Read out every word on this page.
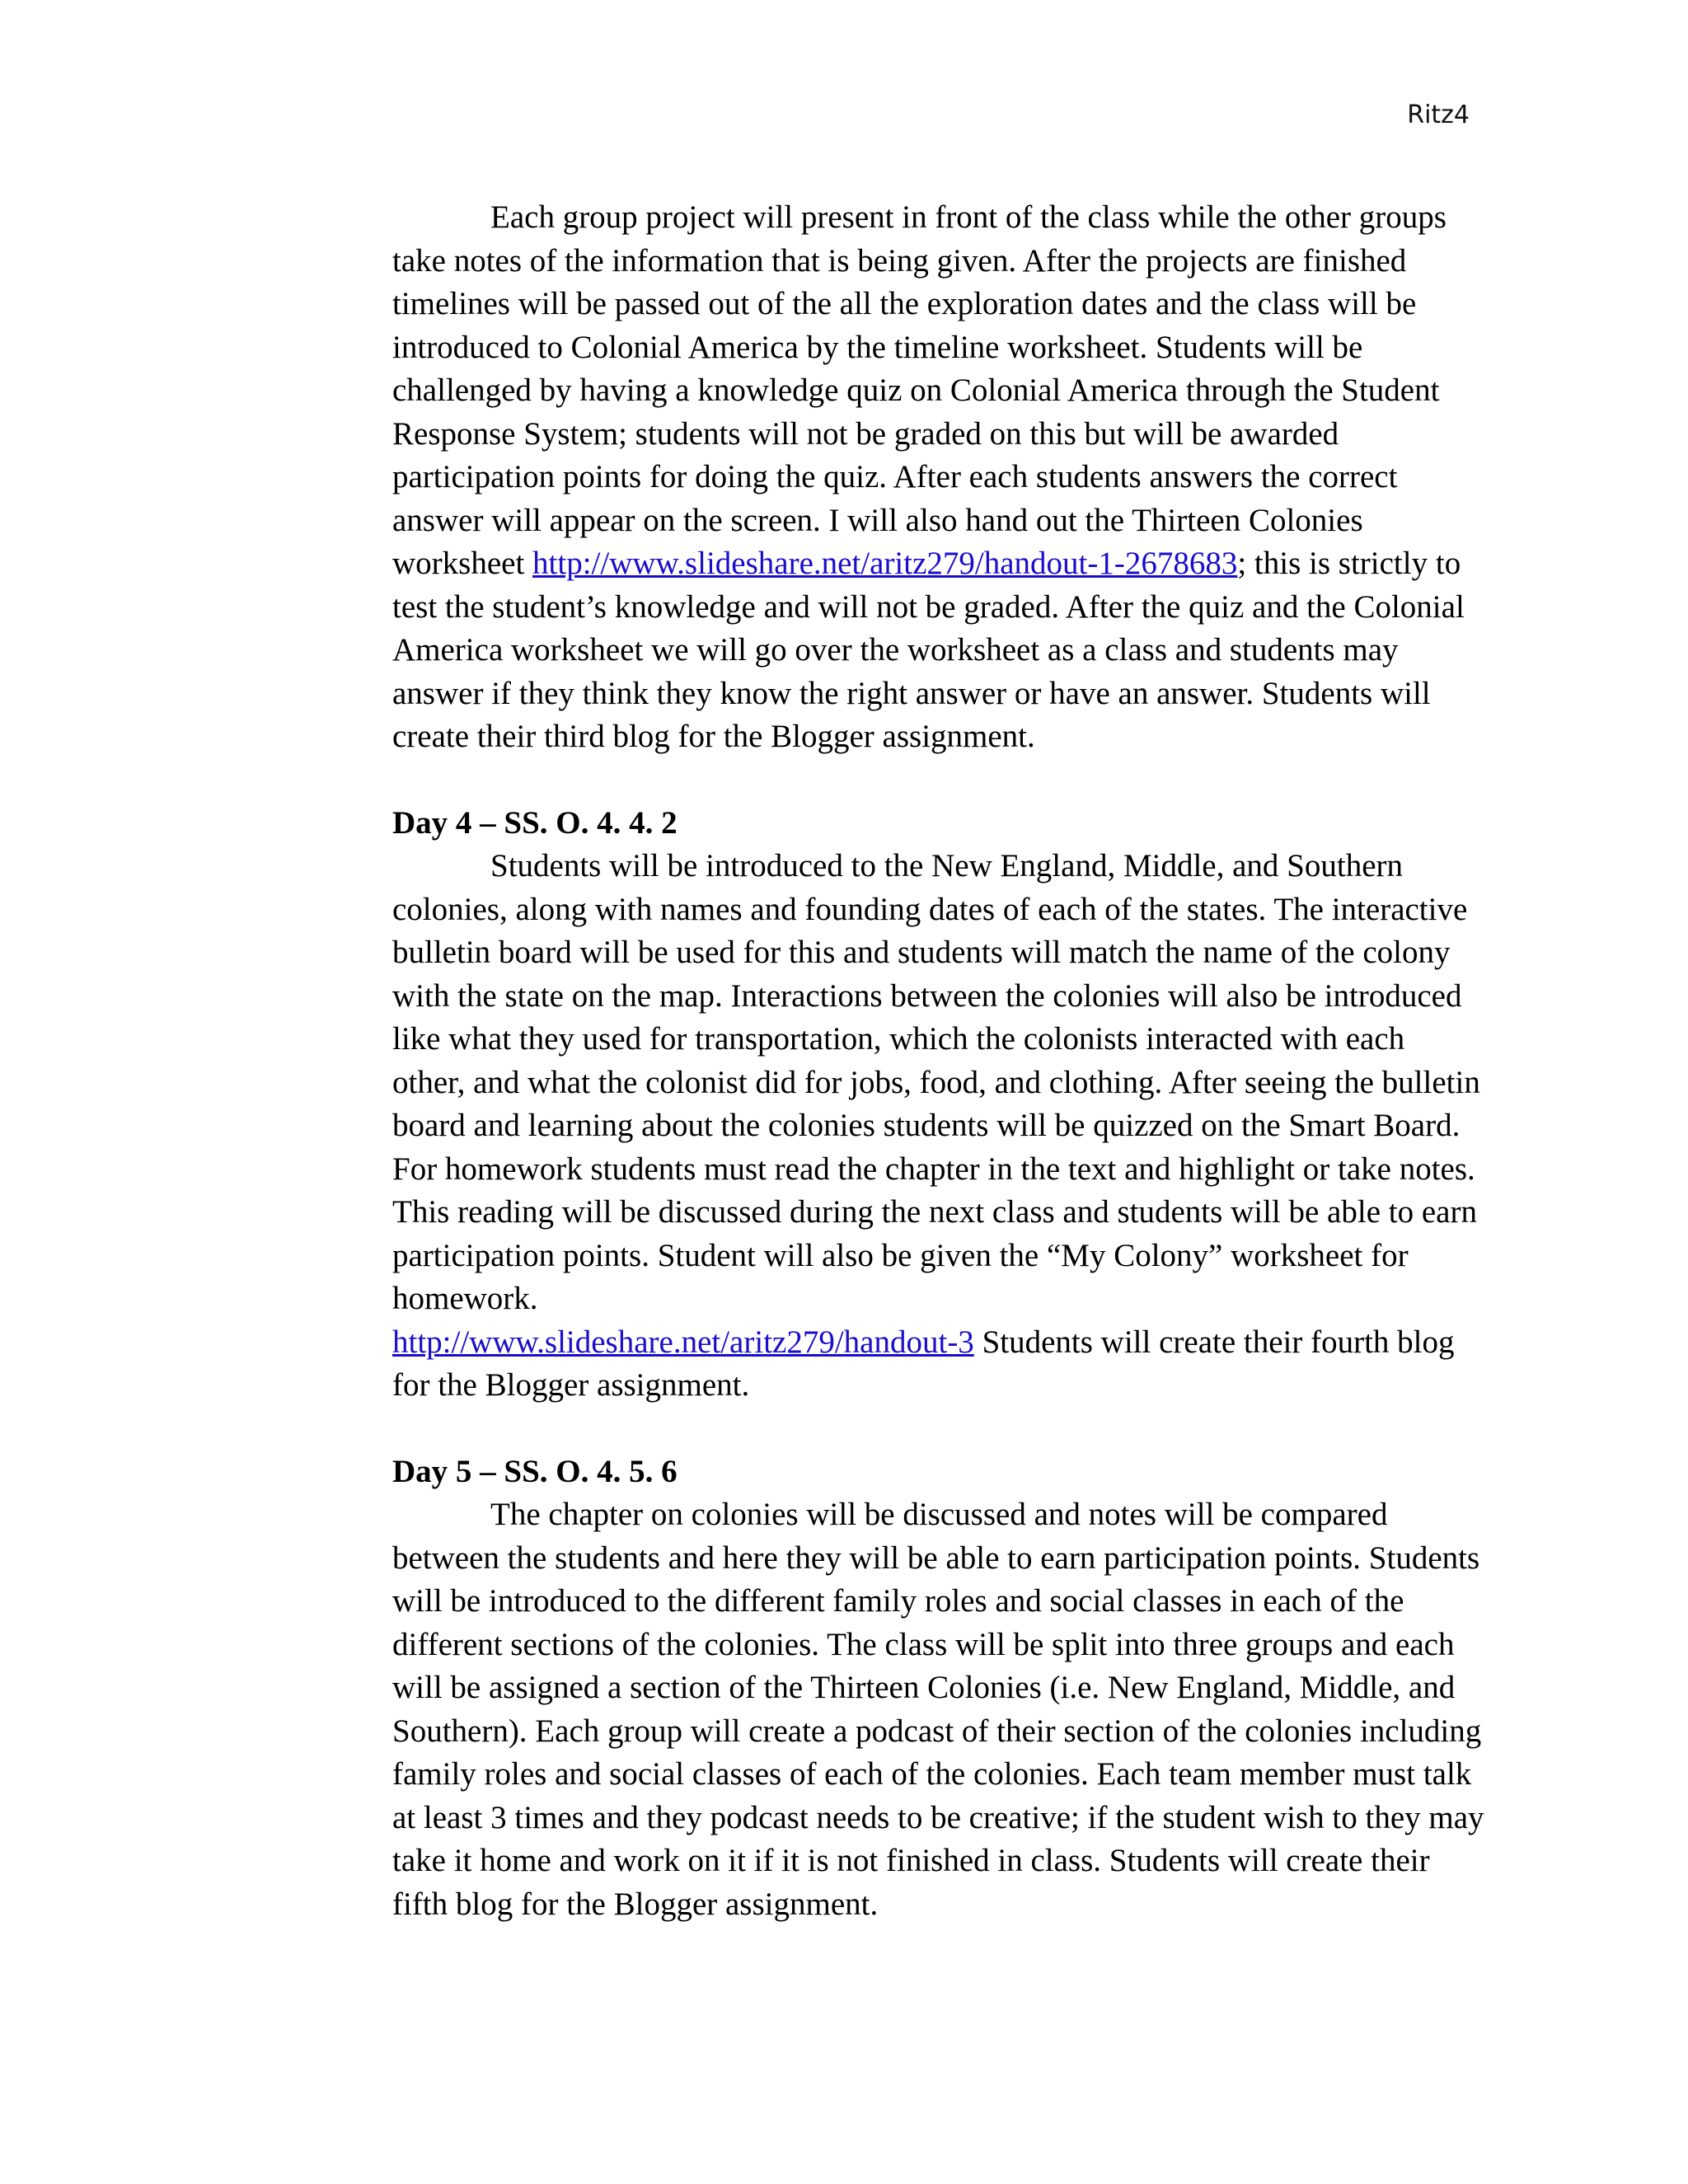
Ritz4

Each group project will present in front of the class while the other groups take notes of the information that is being given. After the projects are finished timelines will be passed out of the all the exploration dates and the class will be introduced to Colonial America by the timeline worksheet. Students will be challenged by having a knowledge quiz on Colonial America through the Student Response System; students will not be graded on this but will be awarded participation points for doing the quiz. After each students answers the correct answer will appear on the screen. I will also hand out the Thirteen Colonies worksheet http://www.slideshare.net/aritz279/handout-1-2678683; this is strictly to test the student’s knowledge and will not be graded. After the quiz and the Colonial America worksheet we will go over the worksheet as a class and students may answer if they think they know the right answer or have an answer. Students will create their third blog for the Blogger assignment.

Day 4 – SS. O. 4. 4. 2

Students will be introduced to the New England, Middle, and Southern colonies, along with names and founding dates of each of the states. The interactive bulletin board will be used for this and students will match the name of the colony with the state on the map. Interactions between the colonies will also be introduced like what they used for transportation, which the colonists interacted with each other, and what the colonist did for jobs, food, and clothing. After seeing the bulletin board and learning about the colonies students will be quizzed on the Smart Board. For homework students must read the chapter in the text and highlight or take notes. This reading will be discussed during the next class and students will be able to earn participation points. Student will also be given the “My Colony” worksheet for homework.

http://www.slideshare.net/aritz279/handout-3 Students will create their fourth blog for the Blogger assignment.
Day 5 – SS. O. 4. 5. 6

The chapter on colonies will be discussed and notes will be compared between the students and here they will be able to earn participation points. Students will be introduced to the different family roles and social classes in each of the different sections of the colonies. The class will be split into three groups and each will be assigned a section of the Thirteen Colonies (i.e. New England, Middle, and Southern). Each group will create a podcast of their section of the colonies including family roles and social classes of each of the colonies. Each team member must talk at least 3 times and they podcast needs to be creative; if the student wish to they may take it home and work on it if it is not finished in class. Students will create their fifth blog for the Blogger assignment.
